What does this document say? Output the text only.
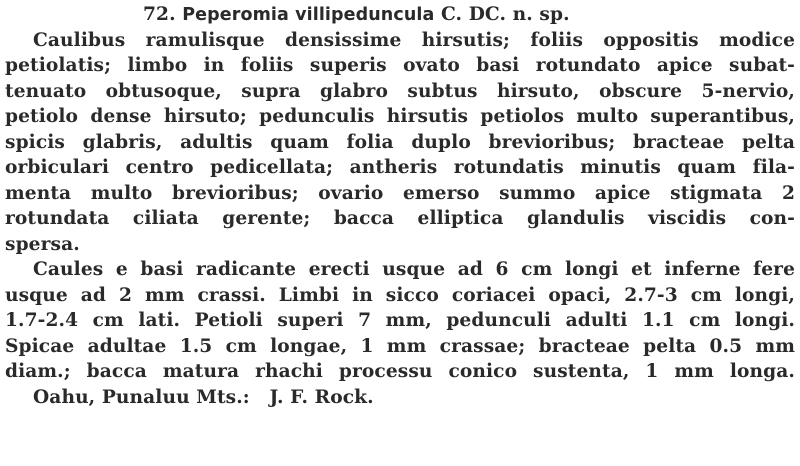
72. Peperomia villipeduncula C. DC. n. sp.
Caulibus ramulisque densissime hirsutis; foliis oppositis modice
petiolatis; limbo in foliis superis ovato basi rotundato apice subat-
tenuato obtusoque, supra glabro subtus hirsuto, obscure 5-nervio,
petiolo dense hirsuto; pedunculis hirsutis petiolos multo superantibus,
spicis glabris, adultis quam folia duplo brevioribus; bracteae pelta
orbiculari centro pedicellata; antheris rotundatis minutis quam fila-
menta multo brevioribus; ovario emerso summo apice stigmata 2
rotundata ciliata gerente; bacca elliptica glandulis viscidis con-
spersa.
Caules e basi radicante erecti usque ad 6 cm longi et inferne fere
usque ad 2 mm crassi. Limbi in sicco coriacei opaci, 2.7-3 cm longi,
1.7-2.4 cm lati. Petioli superi 7 mm, pedunculi adulti 1.1 cm longi.
Spicae adultae 1.5 cm longae, 1 mm crassae; bracteae pelta 0.5 mm
diam.; bacca matura rhachi processu conico sustenta, 1 mm longa.
Oahu, Punaluu Mts.: J. F. Rock.
